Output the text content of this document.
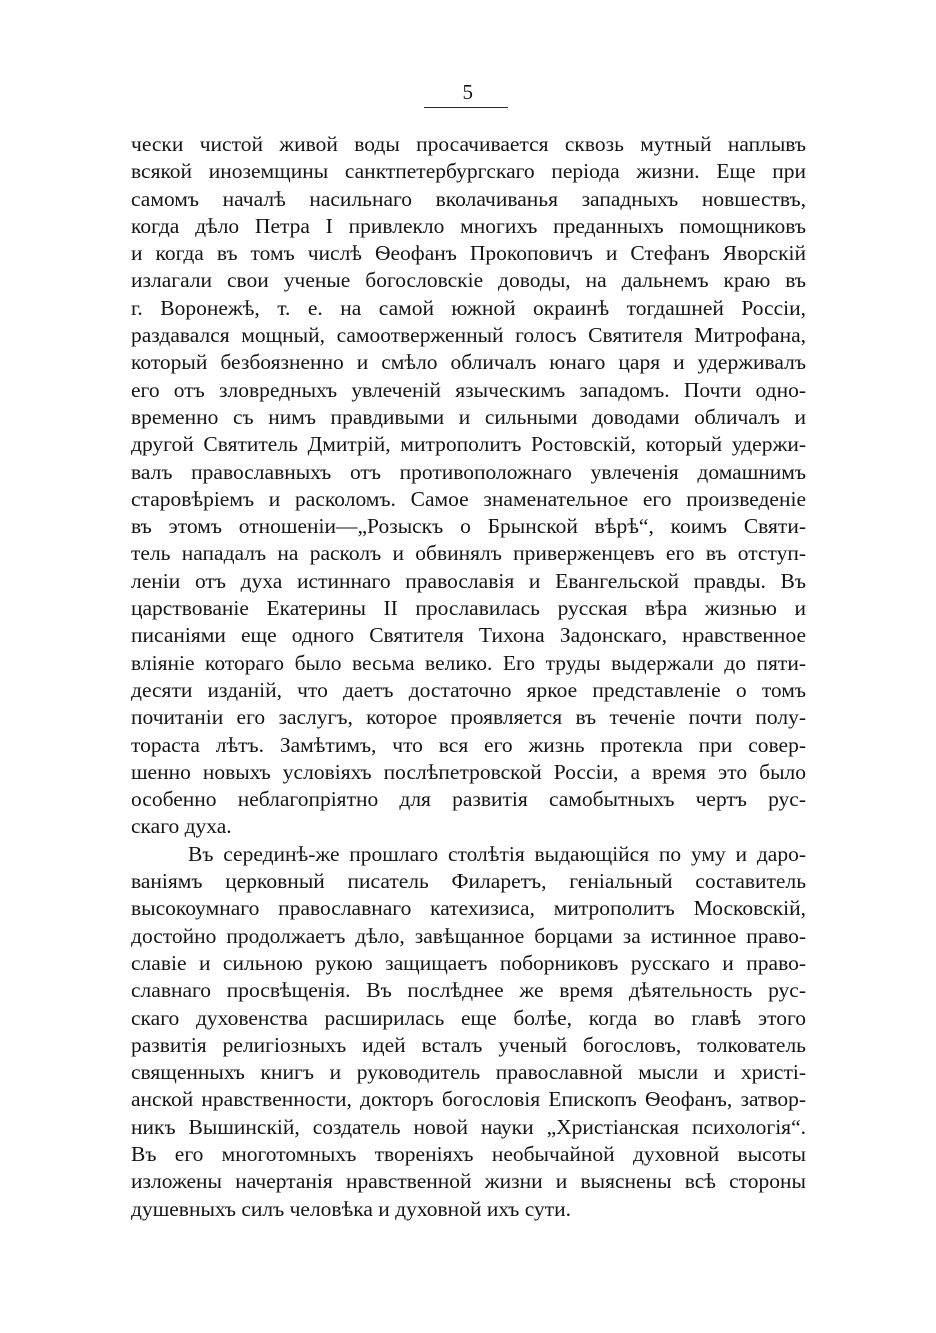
5
чески чистой живой воды просачивается сквозь мутный наплывъ
всякой иноземщины санктпетербургскаго періода жизни. Еще при
самомъ началѣ насильнаго вколачиванья западныхъ новшествъ,
когда дѣло Петра I привлекло многихъ преданныхъ помощниковъ
и когда въ томъ числѣ Ѳеофанъ Прокоповичъ и Стефанъ Яворскій
излагали свои ученые богословскіе доводы, на дальнемъ краю въ
г. Воронежѣ, т. е. на самой южной окраинѣ тогдашней Россіи,
раздавался мощный, самоотверженный голосъ Святителя Митрофана,
который безбоязненно и смѣло обличалъ юнаго царя и удерживалъ
его отъ зловредныхъ увлеченій языческимъ западомъ. Почти одно-
временно съ нимъ правдивыми и сильными доводами обличалъ и
другой Святитель Дмитрій, митрополитъ Ростовскій, который удержи-
валъ православныхъ отъ противоположнаго увлеченія домашнимъ
старовѣріемъ и расколомъ. Самое знаменательное его произведеніе
въ этомъ отношеніи—„Розыскъ о Брынской вѣрѣ“, коимъ Святи-
тель нападалъ на расколъ и обвинялъ приверженцевъ его въ отступ-
леніи отъ духа истиннаго православія и Евангельской правды. Въ
царствованіе Екатерины II прославилась русская вѣра жизнью и
писаніями еще одного Святителя Тихона Задонскаго, нравственное
вліяніе котораго было весьма велико. Его труды выдержали до пяти-
десяти изданій, что даетъ достаточно яркое представленіе о томъ
почитаніи его заслугъ, которое проявляется въ теченіе почти полу-
тораста лѣтъ. Замѣтимъ, что вся его жизнь протекла при совер-
шенно новыхъ условіяхъ послѣпетровской Россіи, а время это было
особенно неблагопріятно для развитія самобытныхъ чертъ рус-
скаго духа.
Въ серединѣ-же прошлаго столѣтія выдающійся по уму и даро-
ваніямъ церковный писатель Филаретъ, геніальный составитель
высокоумнаго православнаго катехизиса, митрополитъ Московскій,
достойно продолжаетъ дѣло, завѣщанное борцами за истинное право-
славіе и сильною рукою защищаетъ поборниковъ русскаго и право-
славнаго просвѣщенія. Въ послѣднее же время дѣятельность рус-
скаго духовенства расширилась еще болѣе, когда во главѣ этого
развитія религіозныхъ идей всталъ ученый богословъ, толкователь
священныхъ книгъ и руководитель православной мысли и христі-
анской нравственности, докторъ богословія Епископъ Ѳеофанъ, затвор-
никъ Вышинскій, создатель новой науки „Христіанская психологія“.
Въ его многотомныхъ твореніяхъ необычайной духовной высоты
изложены начертанія нравственной жизни и выяснены всѣ стороны
душевныхъ силъ человѣка и духовной ихъ сути.
